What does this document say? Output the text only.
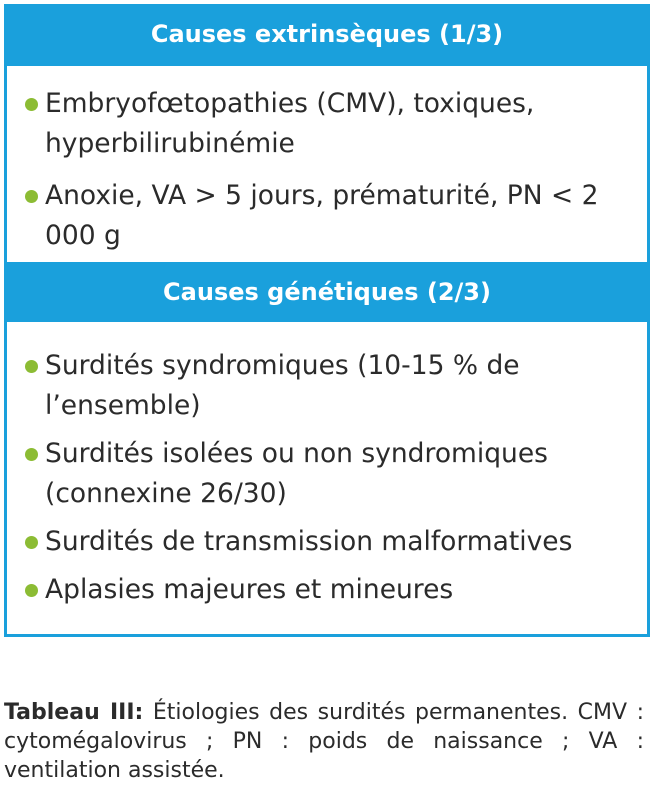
Causes extrinsèques (1/3)
Embryofœtopathies (CMV), toxiques, hyperbilirubinémie
Anoxie, VA > 5 jours, prématurité, PN < 2 000 g
Causes génétiques (2/3)
Surdités syndromiques (10-15 % de l’ensemble)
Surdités isolées ou non syndromiques (connexine 26/30)
Surdités de transmission malformatives
Aplasies majeures et mineures

Tableau III: Étiologies des surdités permanentes. CMV : cytomégalovirus ; PN : poids de naissance ; VA : ventilation assistée.
